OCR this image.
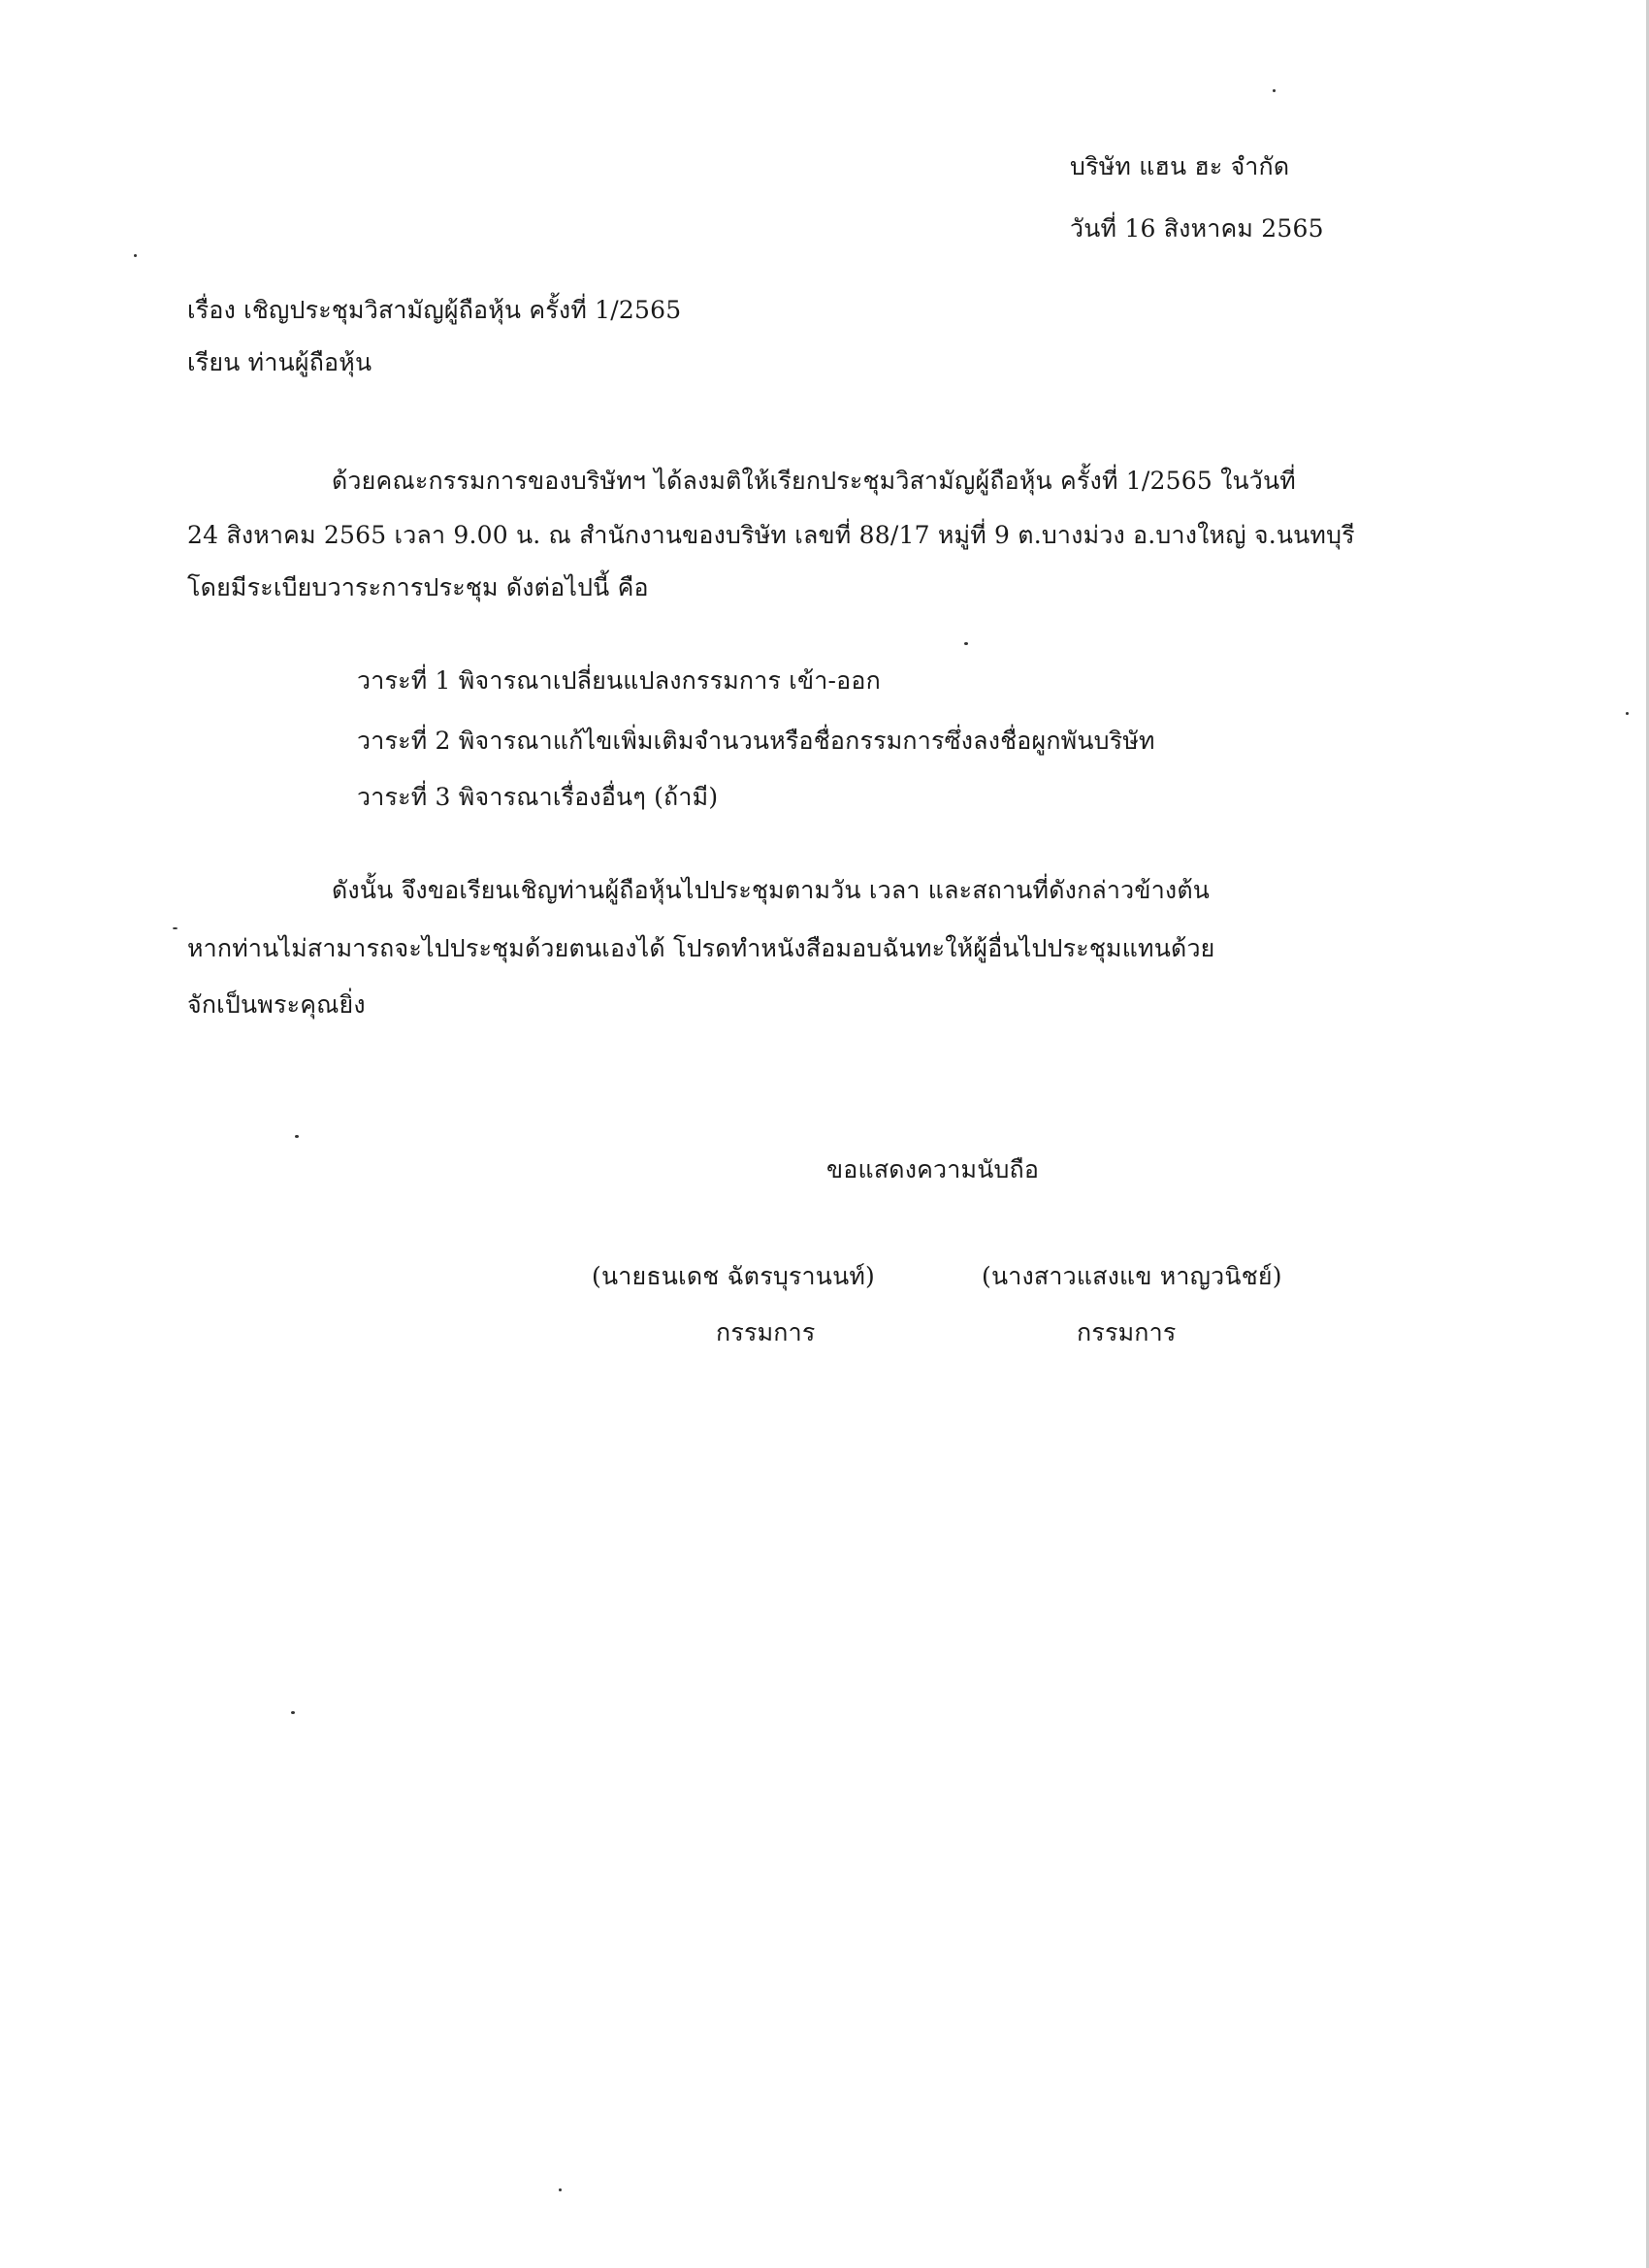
บริษัท แฮน ฮะ จำกัด
วันที่ 16 สิงหาคม 2565
เรื่อง เชิญประชุมวิสามัญผู้ถือหุ้น ครั้งที่ 1/2565
เรียน ท่านผู้ถือหุ้น
ด้วยคณะกรรมการของบริษัทฯ ได้ลงมติให้เรียกประชุมวิสามัญผู้ถือหุ้น ครั้งที่ 1/2565 ในวันที่
24 สิงหาคม 2565 เวลา 9.00 น. ณ สำนักงานของบริษัท เลขที่ 88/17 หมู่ที่ 9 ต.บางม่วง อ.บางใหญ่ จ.นนทบุรี
โดยมีระเบียบวาระการประชุม ดังต่อไปนี้ คือ
วาระที่ 1 พิจารณาเปลี่ยนแปลงกรรมการ เข้า-ออก
วาระที่ 2 พิจารณาแก้ไขเพิ่มเติมจำนวนหรือชื่อกรรมการซึ่งลงชื่อผูกพันบริษัท
วาระที่ 3 พิจารณาเรื่องอื่นๆ (ถ้ามี)
ดังนั้น จึงขอเรียนเชิญท่านผู้ถือหุ้นไปประชุมตามวัน เวลา และสถานที่ดังกล่าวข้างต้น
หากท่านไม่สามารถจะไปประชุมด้วยตนเองได้ โปรดทำหนังสือมอบฉันทะให้ผู้อื่นไปประชุมแทนด้วย
จักเป็นพระคุณยิ่ง
ขอแสดงความนับถือ
(นายธนเดช ฉัตรบุรานนท์)
กรรมการ
(นางสาวแสงแข หาญวนิชย์)
กรรมการ
